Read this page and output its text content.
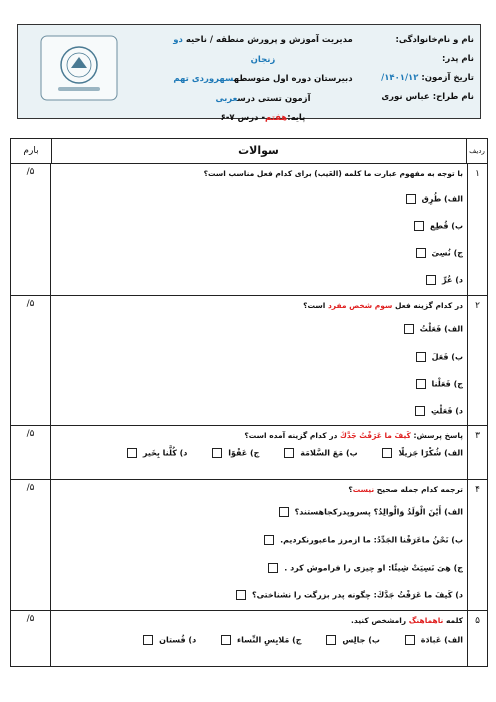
نام و نام‌خانوادگی:
نام پدر:
تاریخ آزمون: ۱۴۰۱/۱۲/
نام طراح: عباس نوری
مدیریت آموزش و پرورش منطقه / ناحیه دو زنجان
دبیرستان دوره اول متوسطهسهروردی تهم
آزمون تستی درسعربی
پایه:هفتم- درس ۷-۶
ردیف
سوالات
بارم
۱
با توجه به مفهوم عبارت ما کلمه (العَیب) برای کدام فعل مناسب است؟
الف) طُرِق
ب) قُطِع
ج) نُسِیَ
د) عُرِّ
/۵
۲
در کدام گزینه فعل سوم شخص مفرد است؟
الف) فَعَلْتُ
ب) فَعَلَ
ج) فَعَلْنا
د) فَعَلْتِ
/۵
۳
پاسخ پرسش: کَیفَ ما عَرَفْتُ جَدَّكَ در کدام گزینه آمده است؟
الف) شُكْرًا جَزیلًا ب) مَعَ السَّلامَة ج) عَفْوًا د) كُلَّنا بِخَیر
/۵
۴
ترجمه کدام جمله صحیح نیست؟
الف) أَیْنَ الْوَلَدُ وَالْوالِدُ؟ پسروپدرکجاهستند؟
ب) نَحْنُ ماعَرَفْنا الجَدِّدُ: ما ازمرز ماعبورنکردیم.
ج) هِیَ نَسِیَتْ شِیئًا: او چیزی را فراموش کرد .
د) كَیفَ ما عَرَفْتُ جَدَّكَ: چگونه پدر بزرگت را نشناختی؟
/۵
۵
کلمه ناهماهنگ رامشخص کنید.
الف) عَبادَة ب) جالِس ج) مَلابِسِ النِّساء د) فُستان
/۵
